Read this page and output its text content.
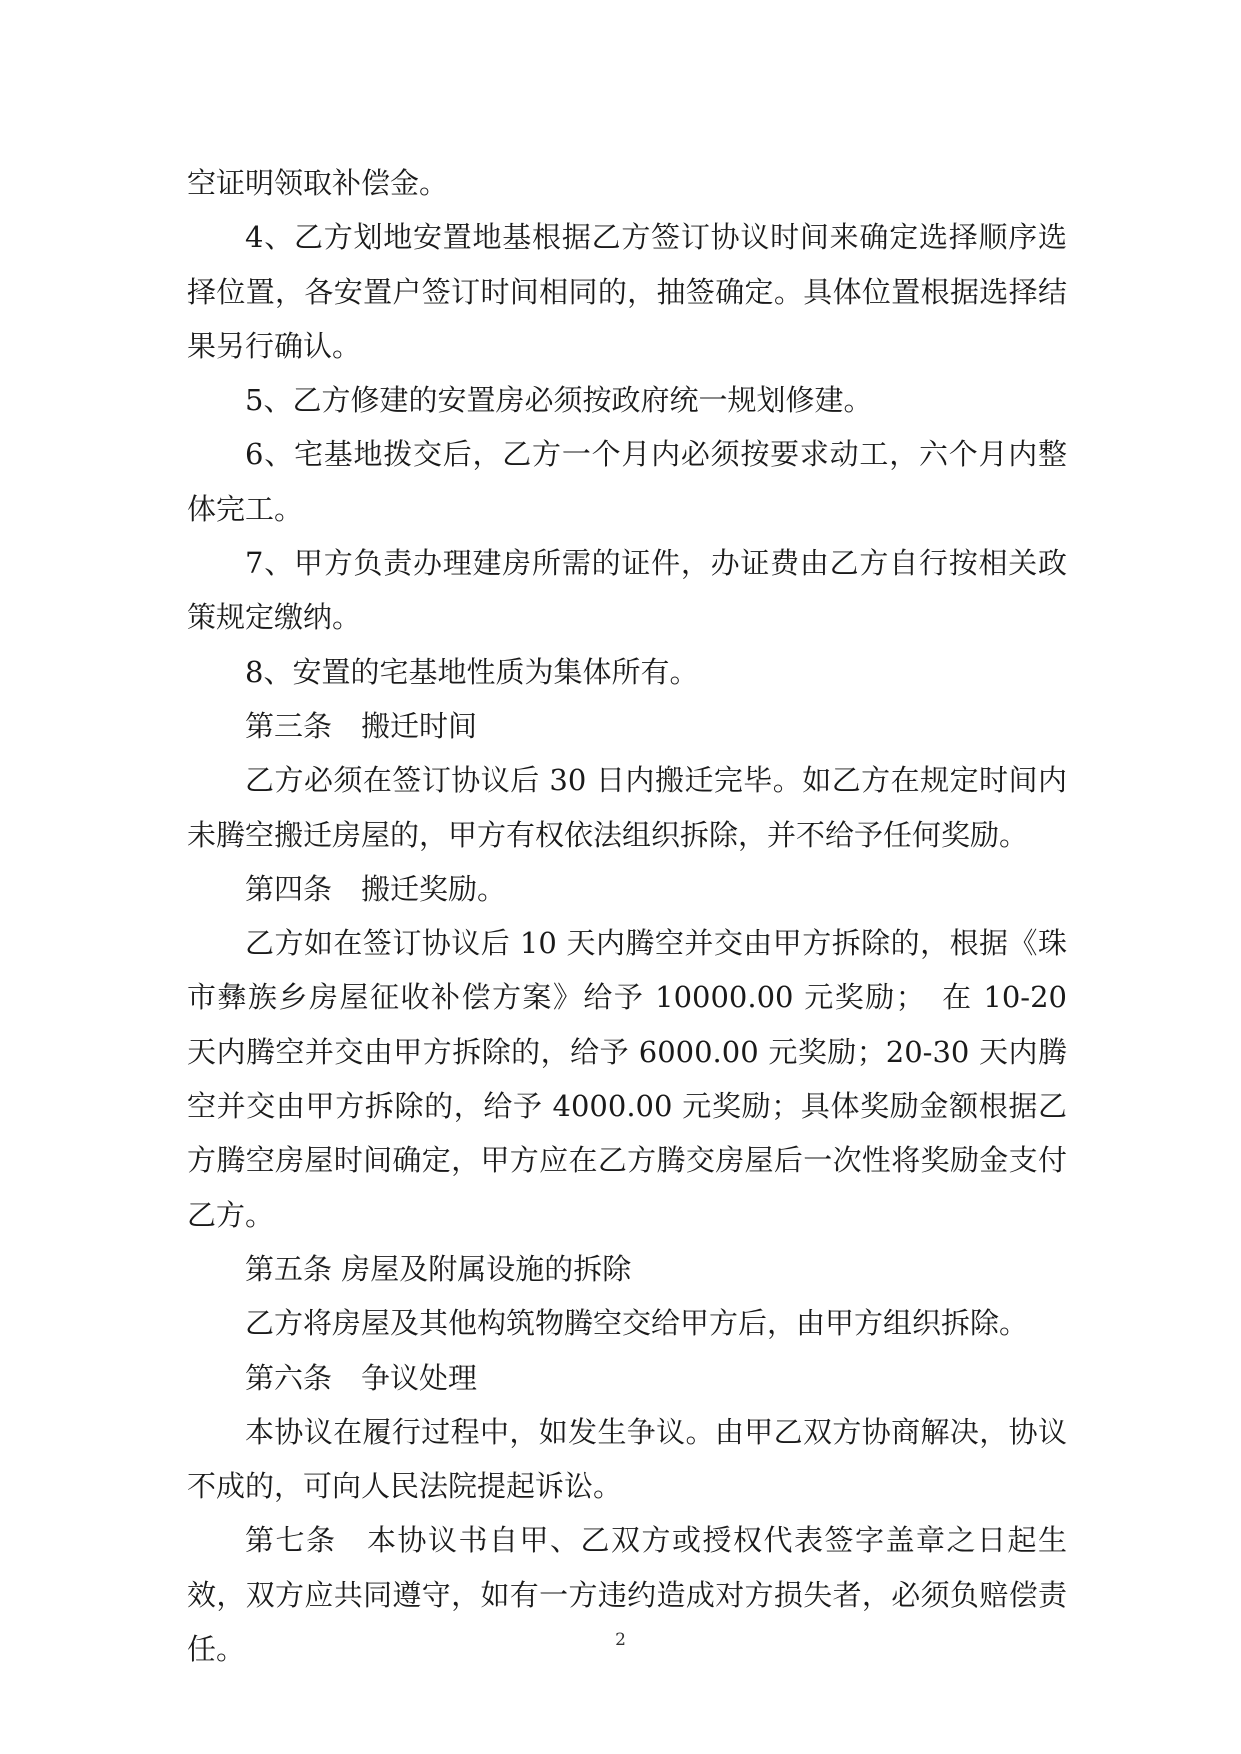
空证明领取补偿金。

4、乙方划地安置地基根据乙方签订协议时间来确定选择顺序选择位置，各安置户签订时间相同的，抽签确定。具体位置根据选择结果另行确认。

5、乙方修建的安置房必须按政府统一规划修建。

6、宅基地拨交后，乙方一个月内必须按要求动工，六个月内整体完工。

7、甲方负责办理建房所需的证件，办证费由乙方自行按相关政策规定缴纳。

8、安置的宅基地性质为集体所有。

第三条　搬迁时间

乙方必须在签订协议后 30 日内搬迁完毕。如乙方在规定时间内未腾空搬迁房屋的，甲方有权依法组织拆除，并不给予任何奖励。

第四条　搬迁奖励。

乙方如在签订协议后 10 天内腾空并交由甲方拆除的，根据《珠市彝族乡房屋征收补偿方案》给予 10000.00 元奖励；　在 10-20 天内腾空并交由甲方拆除的，给予 6000.00 元奖励；20-30 天内腾空并交由甲方拆除的，给予 4000.00 元奖励；具体奖励金额根据乙方腾空房屋时间确定，甲方应在乙方腾交房屋后一次性将奖励金支付乙方。

第五条 房屋及附属设施的拆除

乙方将房屋及其他构筑物腾空交给甲方后，由甲方组织拆除。

第六条　争议处理

本协议在履行过程中，如发生争议。由甲乙双方协商解决，协议不成的，可向人民法院提起诉讼。

第七条　本协议书自甲、乙双方或授权代表签字盖章之日起生效，双方应共同遵守，如有一方违约造成对方损失者，必须负赔偿责任。	2
